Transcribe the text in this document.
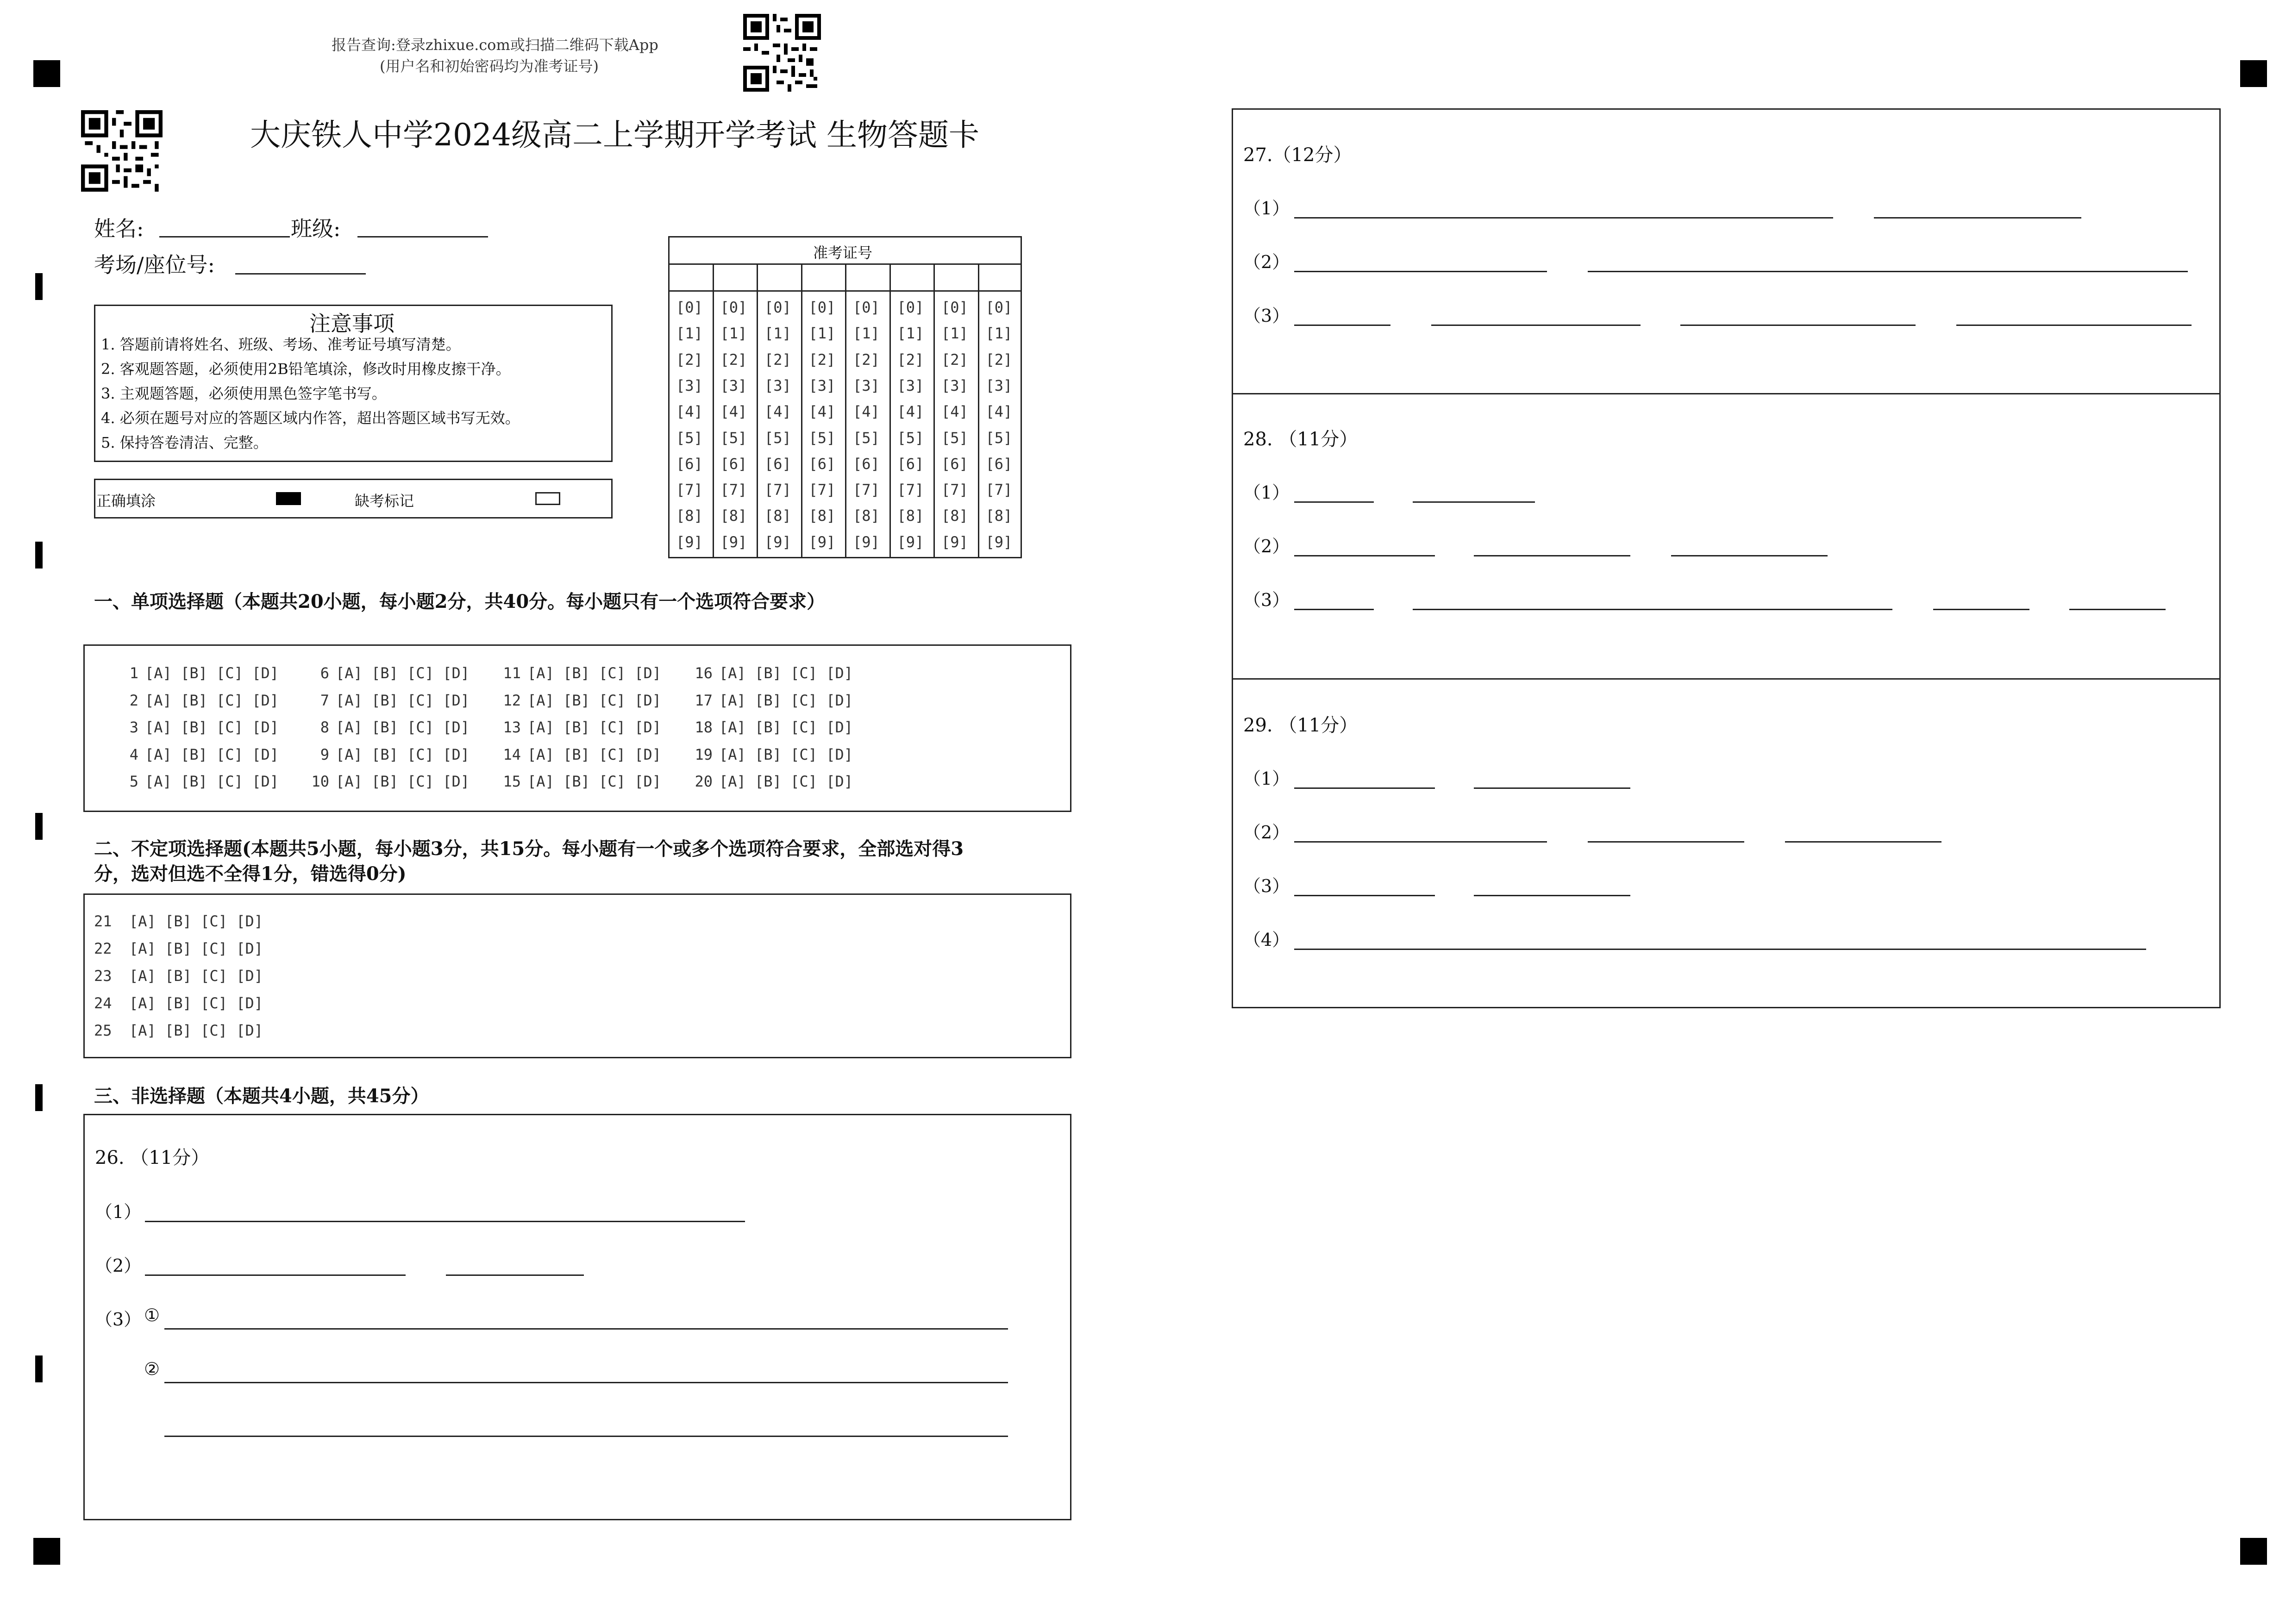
报告查询:登录zhixue.com或扫描二维码下载App
(用户名和初始密码均为准考证号)
大庆铁人中学2024级高二上学期开学考试 生物答题卡
姓名:	班级:
考场/座位号:
注意事项
1. 答题前请将姓名、班级、考场、准考证号填写清楚。
2. 客观题答题，必须使用2B铅笔填涂，修改时用橡皮擦干净。
3. 主观题答题，必须使用黑色签字笔书写。
4. 必须在题号对应的答题区域内作答，超出答题区域书写无效。
5. 保持答卷清洁、完整。
正确填涂	缺考标记
准考证号
[0]
[1]
[2]
[3]
[4]
[5]
[6]
[7]
[8]
[9]
[0]
[1]
[2]
[3]
[4]
[5]
[6]
[7]
[8]
[9]
[0]
[1]
[2]
[3]
[4]
[5]
[6]
[7]
[8]
[9]
[0]
[1]
[2]
[3]
[4]
[5]
[6]
[7]
[8]
[9]
[0]
[1]
[2]
[3]
[4]
[5]
[6]
[7]
[8]
[9]
[0]
[1]
[2]
[3]
[4]
[5]
[6]
[7]
[8]
[9]
[0]
[1]
[2]
[3]
[4]
[5]
[6]
[7]
[8]
[9]
[0]
[1]
[2]
[3]
[4]
[5]
[6]
[7]
[8]
[9]
一、单项选择题（本题共20小题，每小题2分，共40分。每小题只有一个选项符合要求）
1 [A] [B] [C] [D]
2 [A] [B] [C] [D]
3 [A] [B] [C] [D]
4 [A] [B] [C] [D]
5 [A] [B] [C] [D]
6 [A] [B] [C] [D]
7 [A] [B] [C] [D]
8 [A] [B] [C] [D]
9 [A] [B] [C] [D]
10 [A] [B] [C] [D]
11 [A] [B] [C] [D]
12 [A] [B] [C] [D]
13 [A] [B] [C] [D]
14 [A] [B] [C] [D]
15 [A] [B] [C] [D]
16 [A] [B] [C] [D]
17 [A] [B] [C] [D]
18 [A] [B] [C] [D]
19 [A] [B] [C] [D]
20 [A] [B] [C] [D]
二、不定项选择题(本题共5小题，每小题3分，共15分。每小题有一个或多个选项符合要求，全部选对得3
分，选对但选不全得1分，错选得0分)
21 [A] [B] [C] [D]
22 [A] [B] [C] [D]
23 [A] [B] [C] [D]
24 [A] [B] [C] [D]
25 [A] [B] [C] [D]
三、非选择题（本题共4小题，共45分）
26. （11分）
（1）
（2）
（3） ①
②
27.（12分）
（1）
（2）
（3）
28. （11分）
（1）
（2）
（3）
29. （11分）
（1）
（2）
（3）
（4）
